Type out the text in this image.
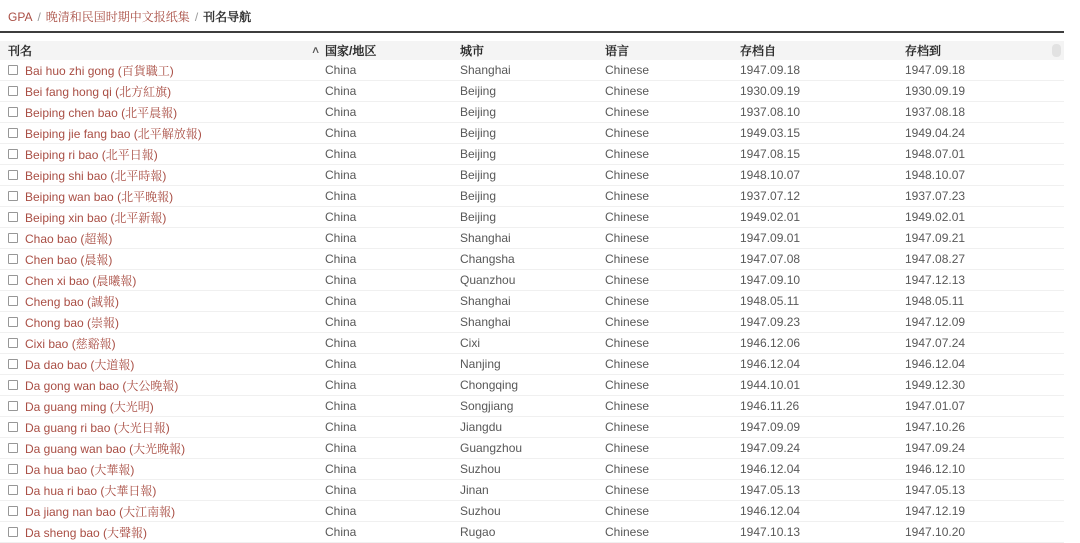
GPA / 晚清和民国时期中文报纸集 / 刊名导航
刊名	∧ 国家/地区	城市	语言	存档自	存档到
Bai huo zhi gong (百貨職工)	China	Shanghai	Chinese	1947.09.18	1947.09.18
Bei fang hong qi (北方紅旗)	China	Beijing	Chinese	1930.09.19	1930.09.19
Beiping chen bao (北平晨報)	China	Beijing	Chinese	1937.08.10	1937.08.18
Beiping jie fang bao (北平解放報)	China	Beijing	Chinese	1949.03.15	1949.04.24
Beiping ri bao (北平日報)	China	Beijing	Chinese	1947.08.15	1948.07.01
Beiping shi bao (北平時報)	China	Beijing	Chinese	1948.10.07	1948.10.07
Beiping wan bao (北平晚報)	China	Beijing	Chinese	1937.07.12	1937.07.23
Beiping xin bao (北平新報)	China	Beijing	Chinese	1949.02.01	1949.02.01
Chao bao (超報)	China	Shanghai	Chinese	1947.09.01	1947.09.21
Chen bao (晨報)	China	Changsha	Chinese	1947.07.08	1947.08.27
Chen xi bao (晨曦報)	China	Quanzhou	Chinese	1947.09.10	1947.12.13
Cheng bao (誠報)	China	Shanghai	Chinese	1948.05.11	1948.05.11
Chong bao (崇報)	China	Shanghai	Chinese	1947.09.23	1947.12.09
Cixi bao (慈谿報)	China	Cixi	Chinese	1946.12.06	1947.07.24
Da dao bao (大道報)	China	Nanjing	Chinese	1946.12.04	1946.12.04
Da gong wan bao (大公晚報)	China	Chongqing	Chinese	1944.10.01	1949.12.30
Da guang ming (大光明)	China	Songjiang	Chinese	1946.11.26	1947.01.07
Da guang ri bao (大光日報)	China	Jiangdu	Chinese	1947.09.09	1947.10.26
Da guang wan bao (大光晚報)	China	Guangzhou	Chinese	1947.09.24	1947.09.24
Da hua bao (大華報)	China	Suzhou	Chinese	1946.12.04	1946.12.10
Da hua ri bao (大華日報)	China	Jinan	Chinese	1947.05.13	1947.05.13
Da jiang nan bao (大江南報)	China	Suzhou	Chinese	1946.12.04	1947.12.19
Da sheng bao (大聲報)	China	Rugao	Chinese	1947.10.13	1947.10.20
